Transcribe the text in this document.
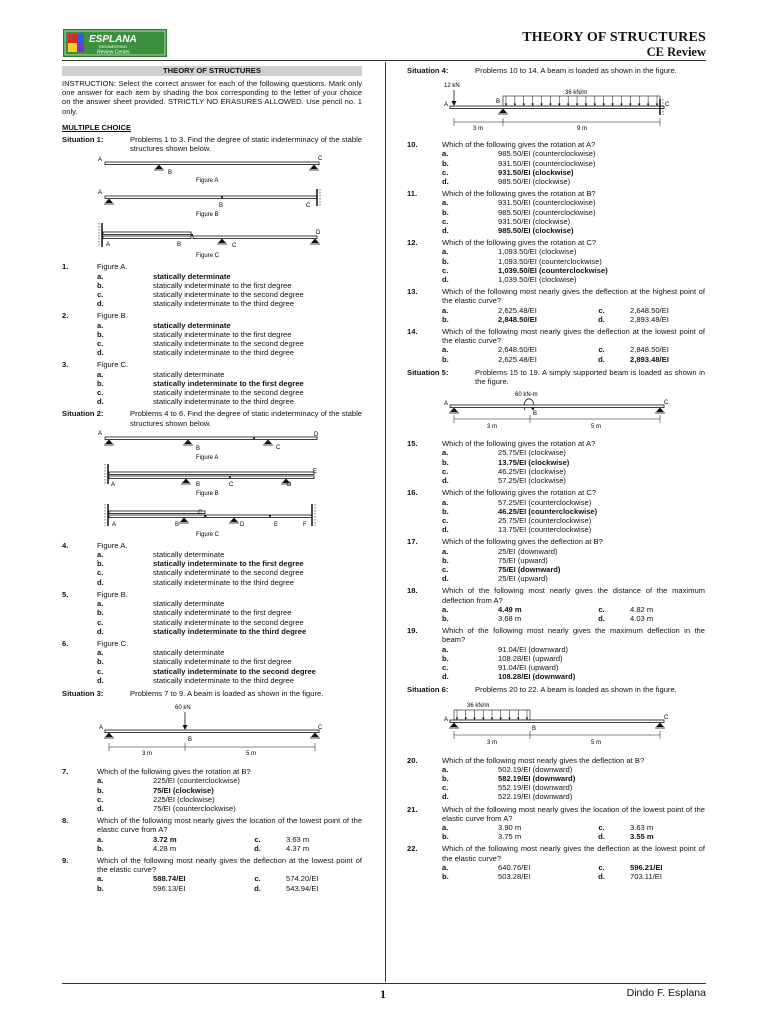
ESPLANA
ENGINEERING
Review Center
THEORY OF STRUCTURES
CE Review
THEORY OF STRUCTURES
INSTRUCTION: Select the correct answer for each of the following questions. Mark only one answer for each item by shading the box corresponding to the letter of your choice on the answer sheet provided. STRICTLY NO ERASURES ALLOWED. Use pencil no. 1 only.
MULTIPLE CHOICE
Situation 1:	Problems 1 to 3. Find the degree of static indeterminacy of the stable structures shown below.
A
B
C
Figure A
A
B	C
Figure B
A	B	C
D
Figure C
1.	Figure A.
a.	statically determinate
b.	statically indeterminate to the first degree
c.	statically indeterminate to the second degree
d.	statically indeterminate to the third degree
2.	Figure B.
a.	statically determinate
b.	statically indeterminate to the first degree
c.	statically indeterminate to the second degree
d.	statically indeterminate to the third degree
3.	Figure C.
a.	statically determinate
b.	statically indeterminate to the first degree
c.	statically indeterminate to the second degree
d.	statically indeterminate to the third degree
Situation 2:	Problems 4 to 6. Find the degree of static indeterminacy of the stable structures shown below.
A
B	C
D
Figure A
A	B	C	D
E
Figure B
A	B
C
D	E	F
Figure C
4.	Figure A.
a.	statically determinate
b.	statically indeterminate to the first degree
c.	statically indeterminate to the second degree
d.	statically indeterminate to the third degree
5.	Figure B.
a.	statically determinate
b.	statically indeterminate to the first degree
c.	statically indeterminate to the second degree
d.	statically indeterminate to the third degree
6.	Figure C.
a.	statically determinate
b.	statically indeterminate to the first degree
c.	statically indeterminate to the second degree
d.	statically indeterminate to the third degree
Situation 3:	Problems 7 to 9. A beam is loaded as shown in the figure.
60 kN
A
B
C
3 m	5 m
7.	Which of the following gives the rotation at B?
a.	225/EI (counterclockwise)
b.	75/EI (clockwise)
c.	225/EI (clockwise)
d.	75/EI (counterclockwise)
8.	Which of the following most nearly gives the location of the lowest point of the elastic curve from A?
a.	3.72 m	c.	3.63 m
b.	4.28 m	d.	4.37 m
9.	Which of the following most nearly gives the deflection at the lowest point of the elastic curve?
a.	588.74/EI	c.	574.20/EI
b.	596.13/EI	d.	543.94/EI
Situation 4:	Problems 10 to 14. A beam is loaded as shown in the figure.
12 kN
36 kN/m
A	B	C
3 m	9 m
10.	Which of the following gives the rotation at A?
a.	985.50/EI (counterclockwise)
b.	931.50/EI (counterclockwise)
c.	931.50/EI (clockwise)
d.	985.50/EI (clockwise)
11.	Which of the following gives the rotation at B?
a.	931.50/EI (counterclockwise)
b.	985.50/EI (counterclockwise)
c.	931.50/EI (clockwise)
d.	985.50/EI (clockwise)
12.	Which of the following gives the rotation at C?
a.	1,093.50/EI (clockwise)
b.	1,093.50/EI (counterclockwise)
c.	1,039.50/EI (counterclockwise)
d.	1,039.50/EI (clockwise)
13.	Which of the following most nearly gives the deflection at the highest point of the elastic curve?
a.	2,625.48/EI	c.	2,648.50/EI
b.	2,848.50/EI	d.	2,893.48/EI
14.	Which of the following most nearly gives the deflection at the lowest point of the elastic curve?
a.	2,648.50/EI	c.	2,848.50/EI
b.	2,625.48/EI	d.	2,893.48/EI
Situation 5:	Problems 15 to 19. A simply supported beam is loaded as shown in the figure.
60 kN-m
A
B
C
3 m	5 m
15.	Which of the following gives the rotation at A?
a.	25.75/EI (clockwise)
b.	13.75/EI (clockwise)
c.	46.25/EI (clockwise)
d.	57.25/EI (clockwise)
16.	Which of the following gives the rotation at C?
a.	57.25/EI (counterclockwise)
b.	46.25/EI (counterclockwise)
c.	25.75/EI (counterclockwise)
d.	13.75/EI (counterclockwise)
17.	Which of the following gives the deflection at B?
a.	25/EI (downward)
b.	75/EI (upward)
c.	75/EI (downward)
d.	25/EI (upward)
18.	Which of the following most nearly gives the distance of the maximum deflection from A?
a.	4.49 m	c.	4.82 m
b.	3.68 m	d.	4.03 m
19.	Which of the following most nearly gives the maximum deflection in the beam?
a.	91.04/EI (downward)
b.	108.28/EI (upward)
c.	91.04/EI (upward)
d.	108.28/EI (downward)
Situation 6:	Problems 20 to 22. A beam is loaded as shown in the figure.
36 kN/m
A
B
C
3 m	5 m
20.	Which of the following most nearly gives the deflection at B?
a.	502.19/EI (downward)
b.	582.19/EI (downward)
c.	552.19/EI (downward)
d.	522.19/EI (downward)
21.	Which of the following most nearly gives the location of the lowest point of the elastic curve from A?
a.	3.90 m	c.	3.63 m
b.	3.75 m	d.	3.55 m
22.	Which of the following most nearly gives the deflection at the lowest point of the elastic curve?
a.	640.76/EI	c.	596.21/EI
b.	503.28/EI	d.	703.11/EI
1	Dindo F. Esplana
